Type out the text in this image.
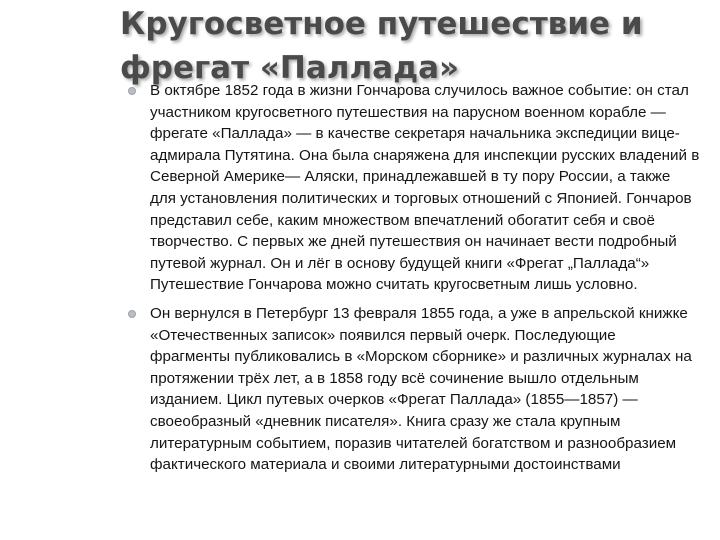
Кругосветное путешествие и фрегат «Паллада»
В октябре 1852 года в жизни Гончарова случилось важное событие: он стал участником кругосветного путешествия на парусном военном корабле — фрегате «Паллада» — в качестве секретаря начальника экспедиции вице-адмирала Путятина. Она была снаряжена для инспекции русских владений в Северной Америке— Аляски, принадлежавшей в ту пору России, а также для установления политических и торговых отношений с Японией. Гончаров представил себе, каким множеством впечатлений обогатит себя и своё творчество. С первых же дней путешествия он начинает вести подробный путевой журнал. Он и лёг в основу будущей книги «Фрегат „Паллада“» Путешествие Гончарова можно считать кругосветным лишь условно.
Он вернулся в Петербург 13 февраля 1855 года, а уже в апрельской книжке «Отечественных записок» появился первый очерк. Последующие фрагменты публиковались в «Морском сборнике» и различных журналах на протяжении трёх лет, а в 1858 году всё сочинение вышло отдельным изданием. Цикл путевых очерков «Фрегат Паллада» (1855—1857) — своеобразный «дневник писателя». Книга сразу же стала крупным литературным событием, поразив читателей богатством и разнообразием фактического материала и своими литературными достоинствами
